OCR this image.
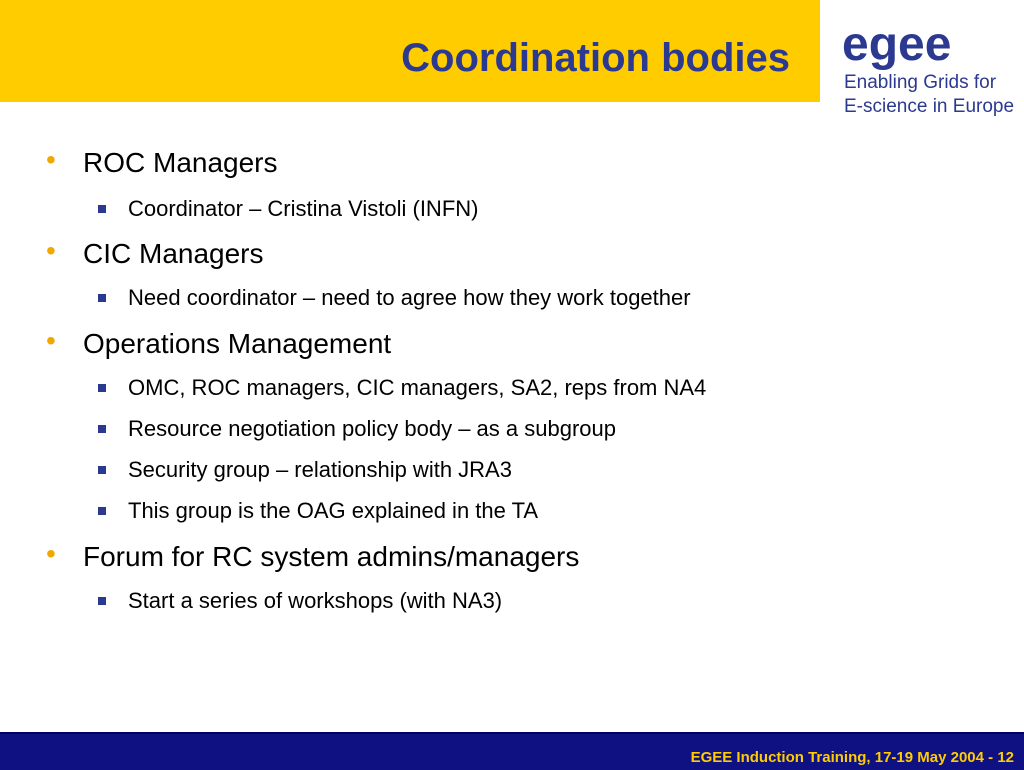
Coordination bodies egee
Enabling Grids for
E-science in Europe
• ROC Managers
Coordinator – Cristina Vistoli (INFN)
• CIC Managers
Need coordinator – need to agree how they work together
• Operations Management
OMC, ROC managers, CIC managers, SA2, reps from NA4
Resource negotiation policy body – as a subgroup
Security group – relationship with JRA3
This group is the OAG explained in the TA
• Forum for RC system admins/managers
Start a series of workshops (with NA3)
EGEE Induction Training, 17-19 May 2004 - 12
